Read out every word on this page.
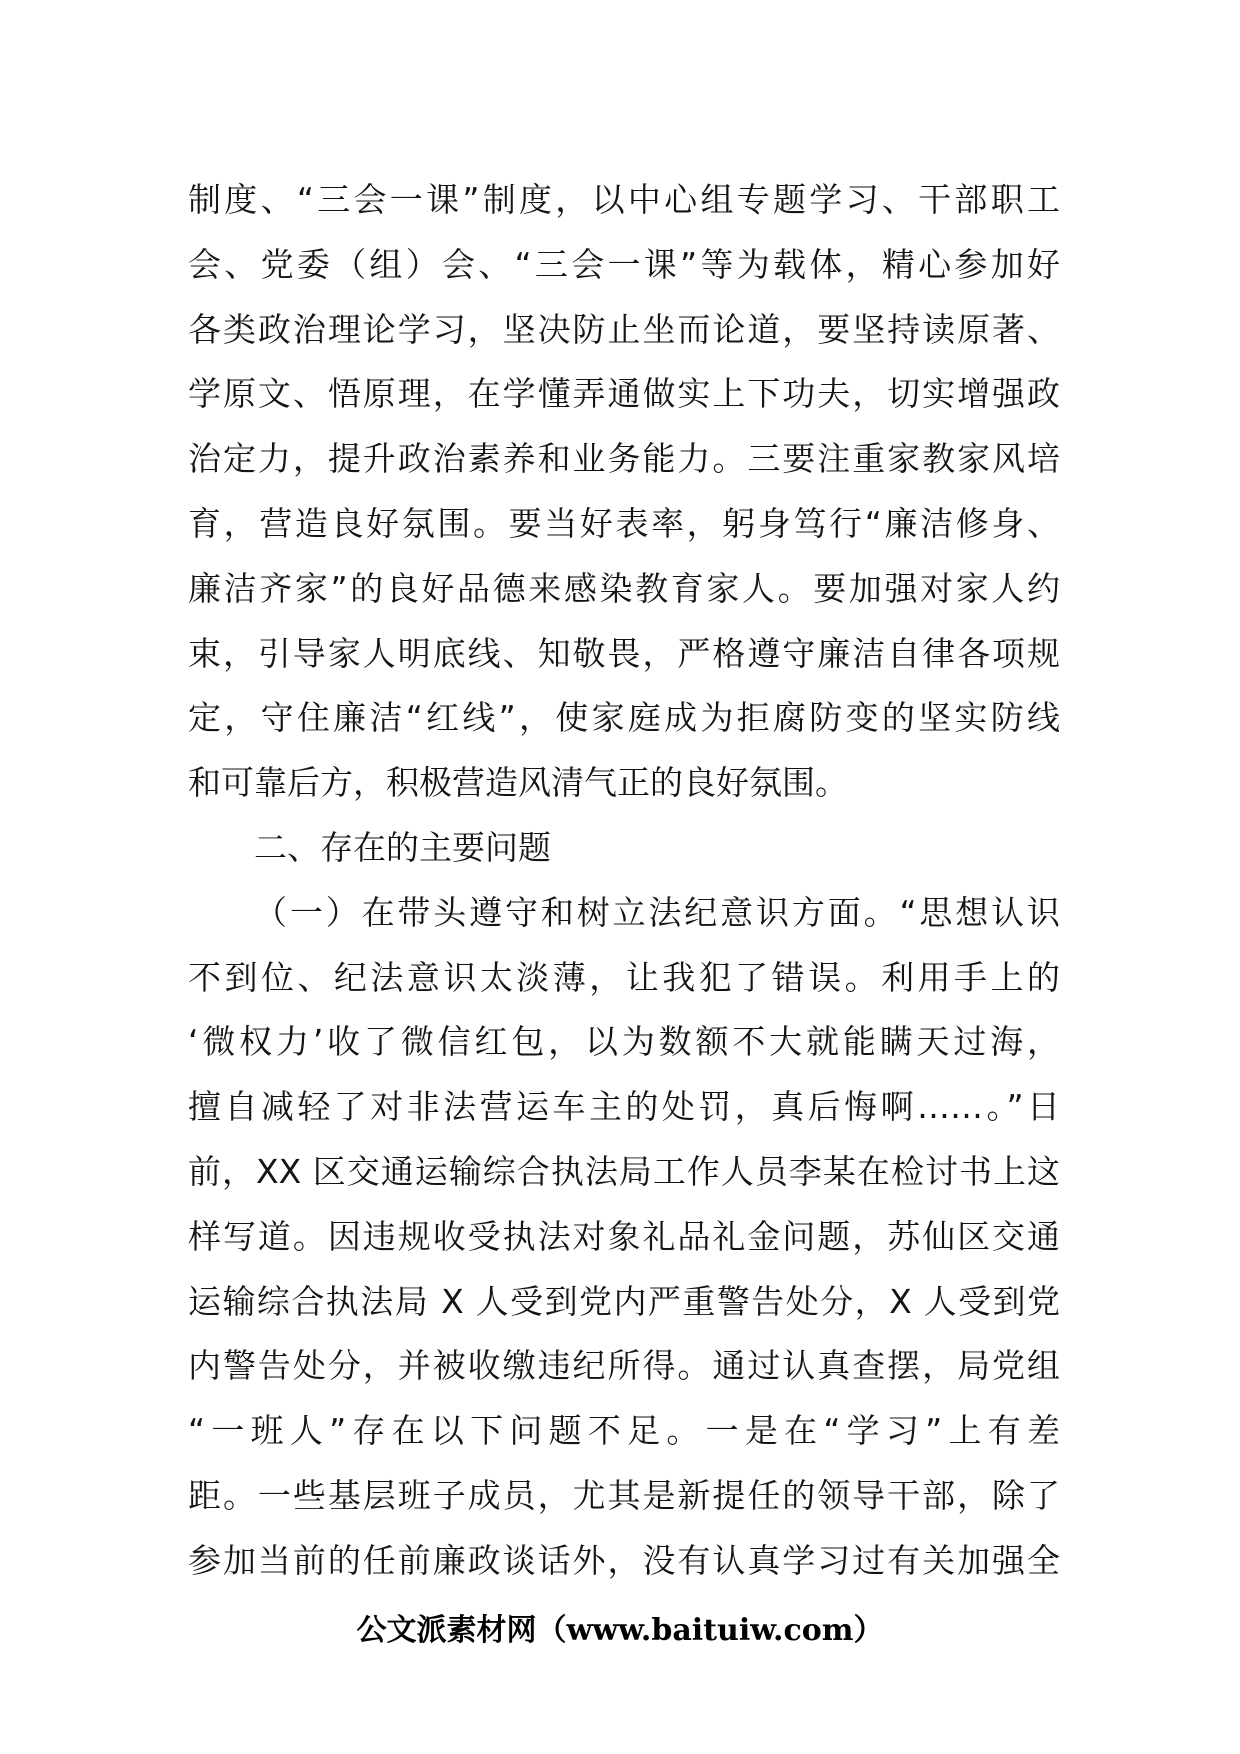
制度、“三会一课”制度，以中心组专题学习、干部职工
会、党委（组）会、“三会一课”等为载体，精心参加好
各类政治理论学习，坚决防止坐而论道，要坚持读原著、
学原文、悟原理，在学懂弄通做实上下功夫，切实增强政
治定力，提升政治素养和业务能力。三要注重家教家风培
育，营造良好氛围。要当好表率，躬身笃行“廉洁修身、
廉洁齐家”的良好品德来感染教育家人。要加强对家人约
束，引导家人明底线、知敬畏，严格遵守廉洁自律各项规
定，守住廉洁“红线”，使家庭成为拒腐防变的坚实防线
和可靠后方，积极营造风清气正的良好氛围。
二、存在的主要问题
（一）在带头遵守和树立法纪意识方面。“思想认识
不到位、纪法意识太淡薄，让我犯了错误。利用手上的
‘微权力’收了微信红包，以为数额不大就能瞒天过海，
擅自减轻了对非法营运车主的处罚，真后悔啊……。”日
前，XX 区交通运输综合执法局工作人员李某在检讨书上这
样写道。因违规收受执法对象礼品礼金问题，苏仙区交通
运输综合执法局 X 人受到党内严重警告处分，X 人受到党
内警告处分，并被收缴违纪所得。通过认真查摆，局党组
“一班人”存在以下问题不足。一是在“学习”上有差
距。一些基层班子成员，尤其是新提任的领导干部，除了
参加当前的任前廉政谈话外，没有认真学习过有关加强全
公文派素材网（www.baituiw.com）
